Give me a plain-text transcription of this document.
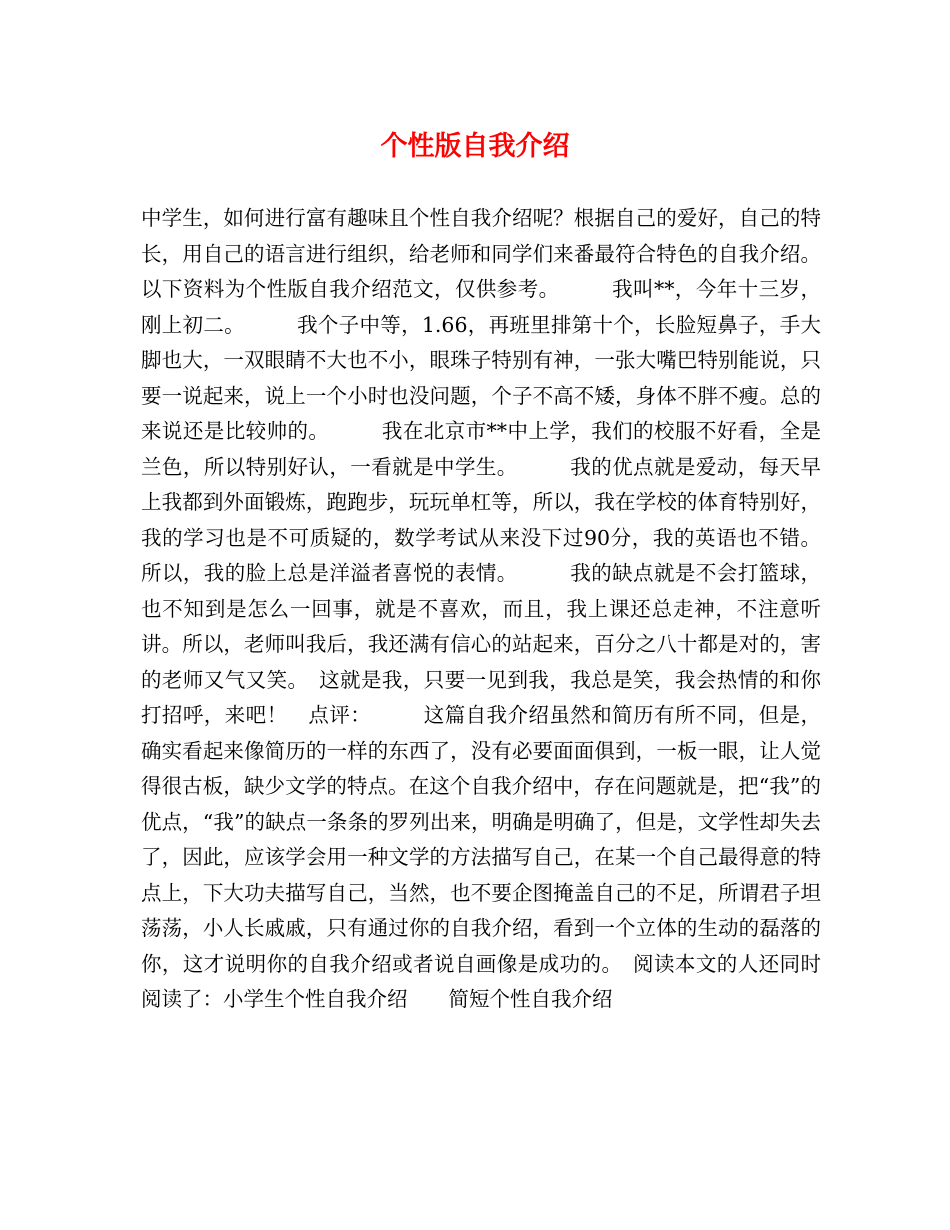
个性版自我介绍

中学生，如何进行富有趣味且个性自我介绍呢？根据自己的爱好，自己的特长，用自己的语言进行组织，给老师和同学们来番最符合特色的自我介绍。以下资料为个性版自我介绍范文，仅供参考。　　　我叫**，今年十三岁，刚上初二。　　　我个子中等，1.66，再班里排第十个，长脸短鼻子，手大脚也大，一双眼睛不大也不小，眼珠子特别有神，一张大嘴巴特别能说，只要一说起来，说上一个小时也没问题，个子不高不矮，身体不胖不瘦。总的来说还是比较帅的。　　　我在北京市**中上学，我们的校服不好看，全是兰色，所以特别好认，一看就是中学生。　　　我的优点就是爱动，每天早上我都到外面锻炼，跑跑步，玩玩单杠等，所以，我在学校的体育特别好，我的学习也是不可质疑的，数学考试从来没下过90分，我的英语也不错。所以，我的脸上总是洋溢者喜悦的表情。　　　我的缺点就是不会打篮球，也不知到是怎么一回事，就是不喜欢，而且，我上课还总走神，不注意听讲。所以，老师叫我后，我还满有信心的站起来，百分之八十都是对的，害的老师又气又笑。　这就是我，只要一见到我，我总是笑，我会热情的和你打招呼，来吧！　点评：　　　这篇自我介绍虽然和简历有所不同，但是，确实看起来像简历的一样的东西了，没有必要面面俱到，一板一眼，让人觉得很古板，缺少文学的特点。在这个自我介绍中，存在问题就是，把“我”的优点，“我”的缺点一条条的罗列出来，明确是明确了，但是，文学性却失去了，因此，应该学会用一种文学的方法描写自己，在某一个自己最得意的特点上，下大功夫描写自己，当然，也不要企图掩盖自己的不足，所谓君子坦荡荡，小人长戚戚，只有通过你的自我介绍，看到一个立体的生动的磊落的你，这才说明你的自我介绍或者说自画像是成功的。　阅读本文的人还同时阅读了：小学生个性自我介绍　　简短个性自我介绍
